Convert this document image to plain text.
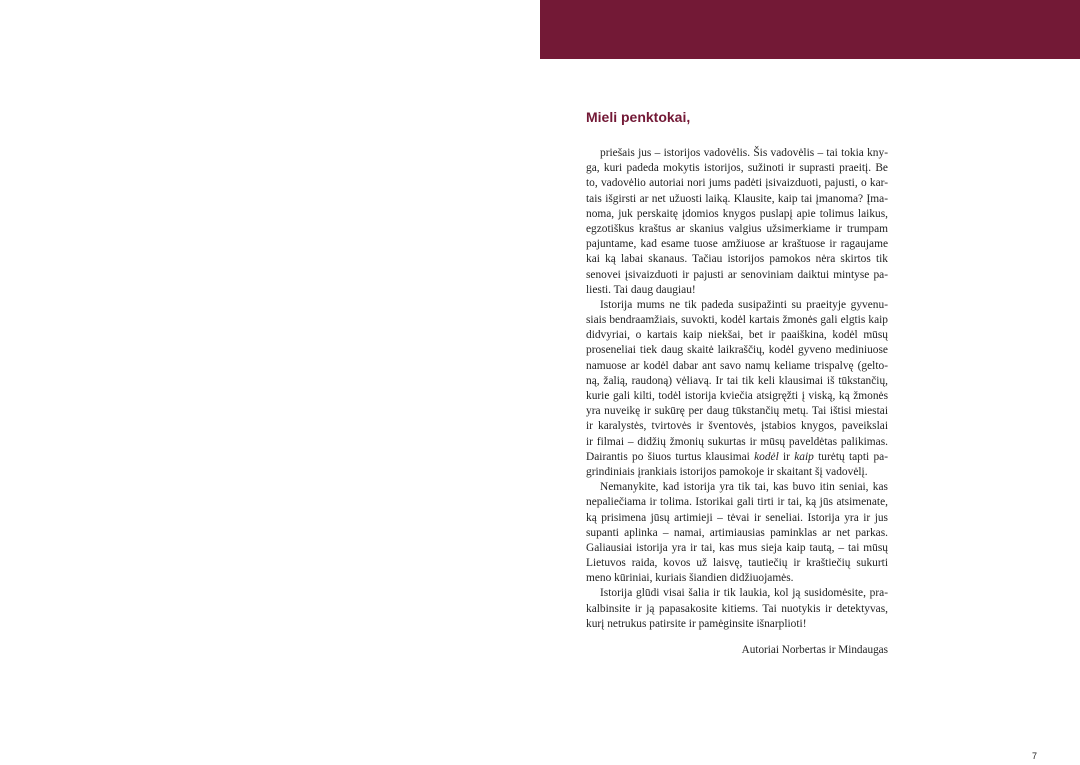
Mieli penktokai,
priešais jus – istorijos vadovėlis. Šis vadovėlis – tai tokia kny-
ga, kuri padeda mokytis istorijos, sužinoti ir suprasti praeitį. Be
to, vadovėlio autoriai nori jums padėti įsivaizduoti, pajusti, o kar-
tais išgirsti ar net užuosti laiką. Klausite, kaip tai įmanoma? Įma-
noma, juk perskaitę įdomios knygos puslapį apie tolimus laikus,
egzotiškus kraštus ar skanius valgius užsimerkiame ir trumpam
pajuntame, kad esame tuose amžiuose ar kraštuose ir ragaujame
kai ką labai skanaus. Tačiau istorijos pamokos nėra skirtos tik
senovei įsivaizduoti ir pajusti ar senoviniam daiktui mintyse pa-
liesti. Tai daug daugiau!
Istorija mums ne tik padeda susipažinti su praeityje gyvenu-
siais bendraamžiais, suvokti, kodėl kartais žmonės gali elgtis kaip
didvyriai, o kartais kaip niekšai, bet ir paaiškina, kodėl mūsų
proseneliai tiek daug skaitė laikraščių, kodėl gyveno mediniuose
namuose ar kodėl dabar ant savo namų keliame trispalvę (gelto-
ną, žalią, raudoną) vėliavą. Ir tai tik keli klausimai iš tūkstančių,
kurie gali kilti, todėl istorija kviečia atsigręžti į viską, ką žmonės
yra nuveikę ir sukūrę per daug tūkstančių metų. Tai ištisi miestai
ir karalystės, tvirtovės ir šventovės, įstabios knygos, paveikslai
ir filmai – didžių žmonių sukurtas ir mūsų paveldėtas palikimas.
Dairantis po šiuos turtus klausimai kodėl ir kaip turėtų tapti pa-
grindiniais įrankiais istorijos pamokoje ir skaitant šį vadovėlį.
Nemanykite, kad istorija yra tik tai, kas buvo itin seniai, kas
nepaliečiama ir tolima. Istorikai gali tirti ir tai, ką jūs atsimenate,
ką prisimena jūsų artimieji – tėvai ir seneliai. Istorija yra ir jus
supanti aplinka – namai, artimiausias paminklas ar net parkas.
Galiausiai istorija yra ir tai, kas mus sieja kaip tautą, – tai mūsų
Lietuvos raida, kovos už laisvę, tautiečių ir kraštiečių sukurti
meno kūriniai, kuriais šiandien didžiuojamės.
Istorija glūdi visai šalia ir tik laukia, kol ją susidomėsite, pra-
kalbinsite ir ją papasakosite kitiems. Tai nuotykis ir detektyvas,
kurį netrukus patirsite ir pamėginsite išnarplioti!
Autoriai Norbertas ir Mindaugas
7
